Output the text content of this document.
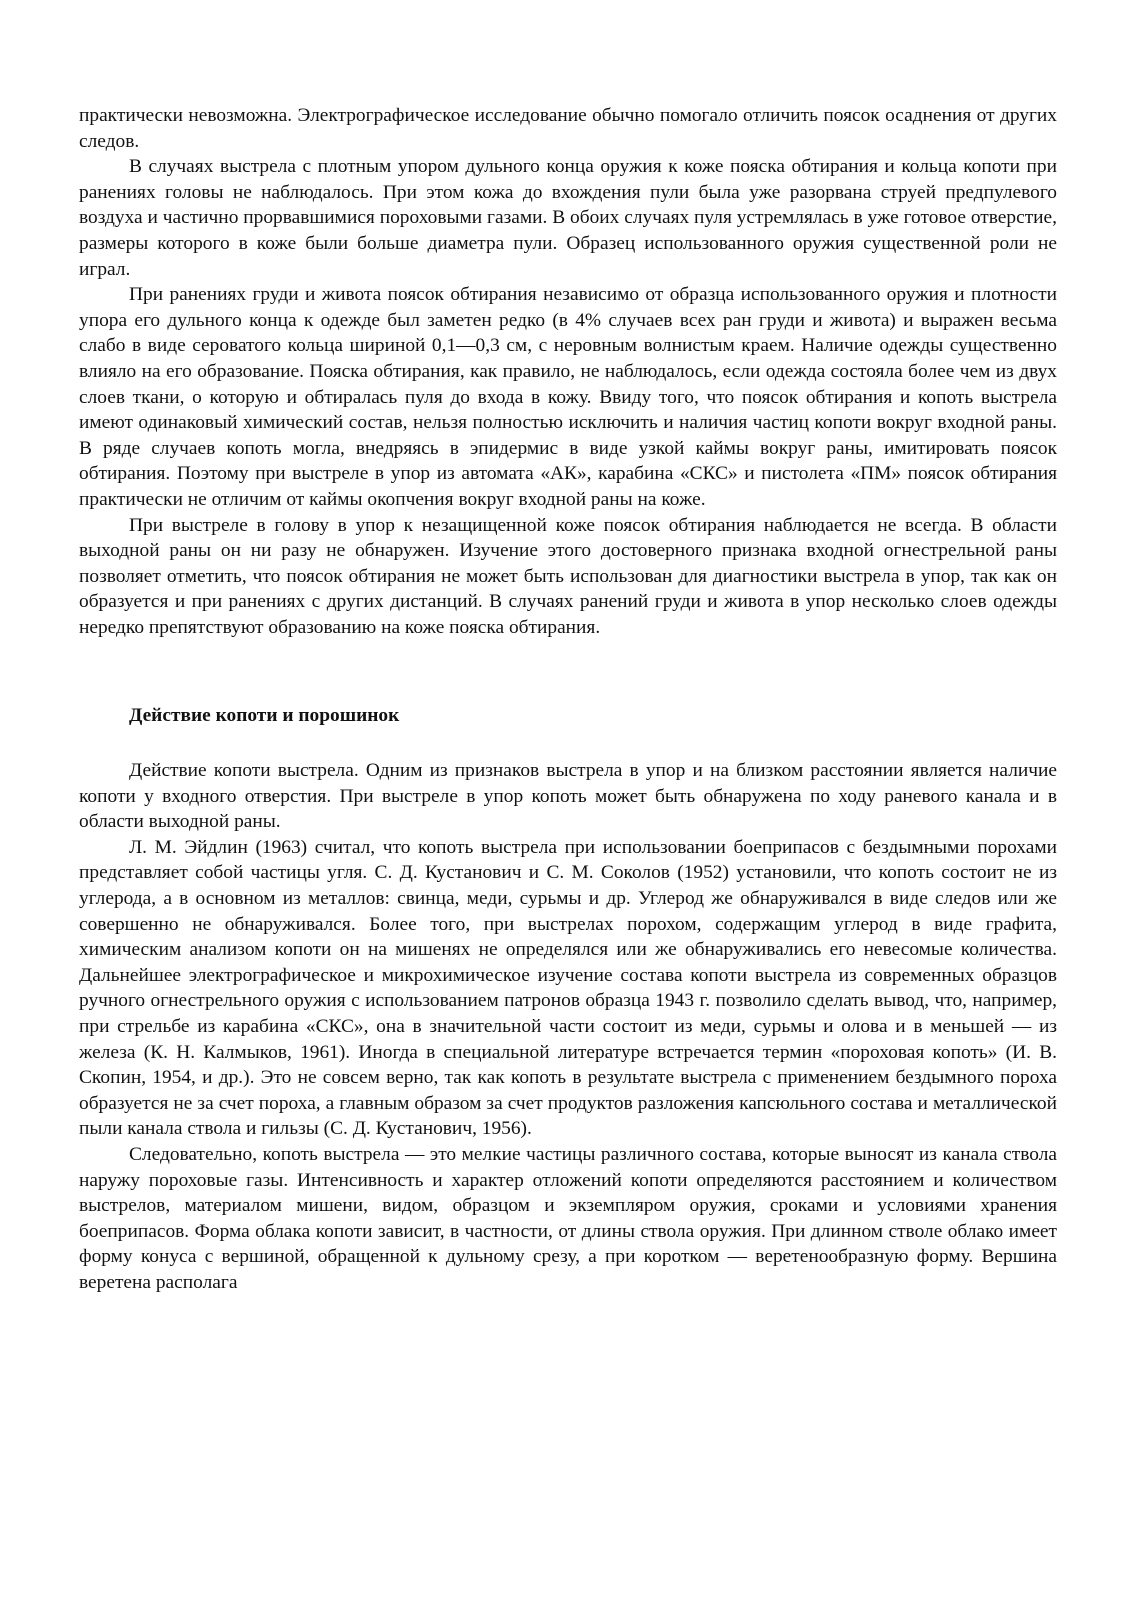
практически невозможна. Электрографическое исследование обычно помогало отличить поясок осаднения от других следов.

В случаях выстрела с плотным упором дульного конца оружия к коже пояска обтирания и кольца копоти при ранениях головы не наблюдалось. При этом кожа до вхождения пули была уже разорвана струей предпулевого воздуха и частично прорвавшимися пороховыми газами. В обоих случаях пуля устремлялась в уже готовое отверстие, размеры которого в коже были больше диаметра пули. Образец использованного оружия существенной роли не играл.

При ранениях груди и живота поясок обтирания независимо от образца использованного оружия и плотности упора его дульного конца к одежде был заметен редко (в 4% случаев всех ран груди и живота) и выражен весьма слабо в виде сероватого кольца шириной 0,1—0,3 см, с неровным волнистым краем. Наличие одежды существенно влияло на его образование. Пояска обтирания, как правило, не наблюдалось, если одежда состояла более чем из двух слоев ткани, о которую и обтиралась пуля до входа в кожу. Ввиду того, что поясок обтирания и копоть выстрела имеют одинаковый химический состав, нельзя полностью исключить и наличия частиц копоти вокруг входной раны. В ряде случаев копоть могла, внедряясь в эпидермис в виде узкой каймы вокруг раны, имитировать поясок обтирания. Поэтому при выстреле в упор из автомата «АК», карабина «СКС» и пистолета «ПМ» поясок обтирания практически не отличим от каймы окопчения вокруг входной раны на коже.

При выстреле в голову в упор к незащищенной коже поясок обтирания наблюдается не всегда. В области выходной раны он ни разу не обнаружен. Изучение этого достоверного признака входной огнестрельной раны позволяет отметить, что поясок обтирания не может быть использован для диагностики выстрела в упор, так как он образуется и при ранениях с других дистанций. В случаях ранений груди и живота в упор несколько слоев одежды нередко препятствуют образованию на коже пояска обтирания.

Действие копоти и порошинок

Действие копоти выстрела. Одним из признаков выстрела в упор и на близком расстоянии является наличие копоти у входного отверстия. При выстреле в упор копоть может быть обнаружена по ходу раневого канала и в области выходной раны.

Л. М. Эйдлин (1963) считал, что копоть выстрела при использовании боеприпасов с бездымными порохами представляет собой частицы угля. С. Д. Кустанович и С. М. Соколов (1952) установили, что копоть состоит не из углерода, а в основном из металлов: свинца, меди, сурьмы и др. Углерод же обнаруживался в виде следов или же совершенно не обнаруживался. Более того, при выстрелах порохом, содержащим углерод в виде графита, химическим анализом копоти он на мишенях не определялся или же обнаруживались его невесомые количества. Дальнейшее электрографическое и микрохимическое изучение состава копоти выстрела из современных образцов ручного огнестрельного оружия с использованием патронов образца 1943 г. позволило сделать вывод, что, например, при стрельбе из карабина «СКС», она в значительной части состоит из меди, сурьмы и олова и в меньшей — из железа (К. Н. Калмыков, 1961). Иногда в специальной литературе встречается термин «пороховая копоть» (И. В. Скопин, 1954, и др.). Это не совсем верно, так как копоть в результате выстрела с применением бездымного пороха образуется не за счет пороха, а главным образом за счет продуктов разложения капсюльного состава и металлической пыли канала ствола и гильзы (С. Д. Кустанович, 1956).

Следовательно, копоть выстрела — это мелкие частицы различного состава, которые выносят из канала ствола наружу пороховые газы. Интенсивность и характер отложений копоти определяются расстоянием и количеством выстрелов, материалом мишени, видом, образцом и экземпляром оружия, сроками и условиями хранения боеприпасов. Форма облака копоти зависит, в частности, от длины ствола оружия. При длинном стволе облако имеет форму конуса с вершиной, обращенной к дульному срезу, а при коротком — веретенообразную форму. Вершина веретена располага
